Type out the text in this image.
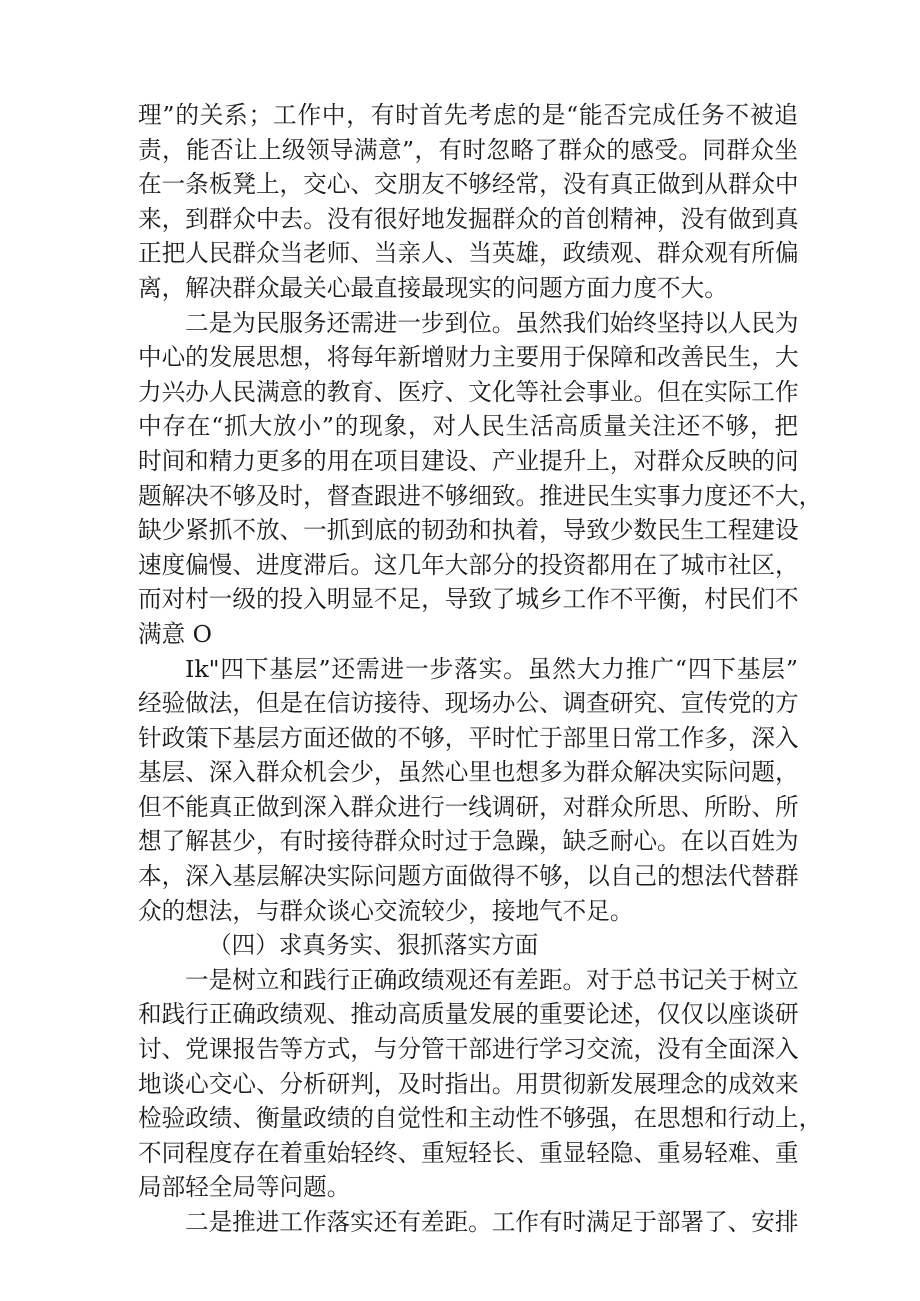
理”的关系；工作中，有时首先考虑的是“能否完成任务不被追
责，能否让上级领导满意”，有时忽略了群众的感受。同群众坐
在一条板凳上，交心、交朋友不够经常，没有真正做到从群众中
来，到群众中去。没有很好地发掘群众的首创精神，没有做到真
正把人民群众当老师、当亲人、当英雄，政绩观、群众观有所偏
离，解决群众最关心最直接最现实的问题方面力度不大。
二是为民服务还需进一步到位。虽然我们始终坚持以人民为
中心的发展思想，将每年新增财力主要用于保障和改善民生，大
力兴办人民满意的教育、医疗、文化等社会事业。但在实际工作
中存在“抓大放小”的现象，对人民生活高质量关注还不够，把
时间和精力更多的用在项目建设、产业提升上，对群众反映的问
题解决不够及时，督查跟进不够细致。推进民生实事力度还不大，
缺少紧抓不放、一抓到底的韧劲和执着，导致少数民生工程建设
速度偏慢、进度滞后。这几年大部分的投资都用在了城市社区，
而对村一级的投入明显不足，导致了城乡工作不平衡，村民们不
满意 O
Ik"四下基层”还需进一步落实。虽然大力推广“四下基层”
经验做法，但是在信访接待、现场办公、调查研究、宣传党的方
针政策下基层方面还做的不够，平时忙于部里日常工作多，深入
基层、深入群众机会少，虽然心里也想多为群众解决实际问题，
但不能真正做到深入群众进行一线调研，对群众所思、所盼、所
想了解甚少，有时接待群众时过于急躁，缺乏耐心。在以百姓为
本，深入基层解决实际问题方面做得不够，以自己的想法代替群
众的想法，与群众谈心交流较少，接地气不足。
（四）求真务实、狠抓落实方面
一是树立和践行正确政绩观还有差距。对于总书记关于树立
和践行正确政绩观、推动高质量发展的重要论述，仅仅以座谈研
讨、党课报告等方式，与分管干部进行学习交流，没有全面深入
地谈心交心、分析研判，及时指出。用贯彻新发展理念的成效来
检验政绩、衡量政绩的自觉性和主动性不够强，在思想和行动上，
不同程度存在着重始轻终、重短轻长、重显轻隐、重易轻难、重
局部轻全局等问题。
二是推进工作落实还有差距。工作有时满足于部署了、安排
